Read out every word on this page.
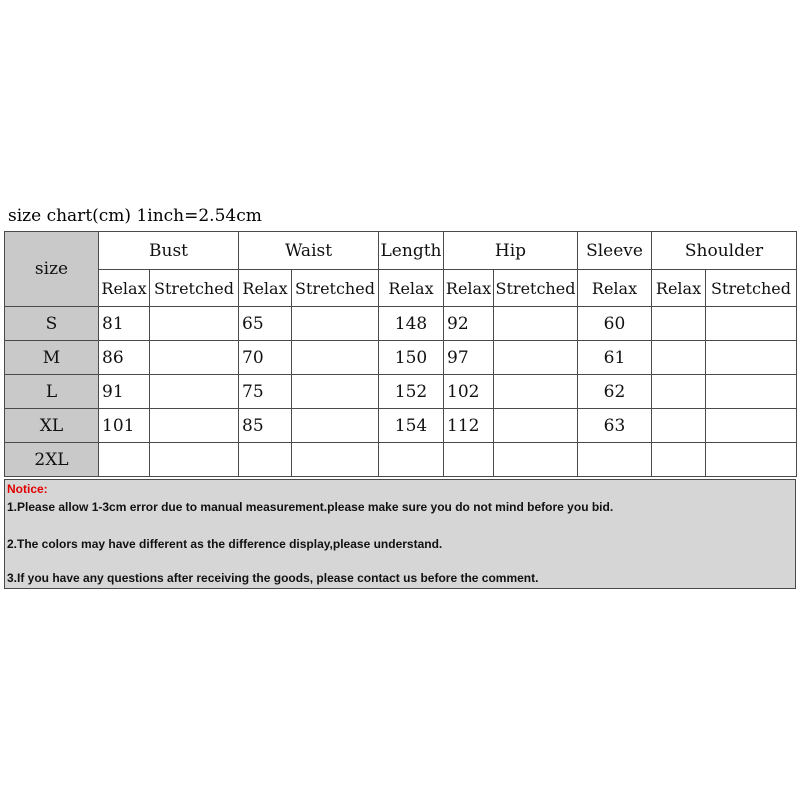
size chart(cm) 1inch=2.54cm
size	Bust		Waist		Length	Hip		Sleeve	Shoulder	
	Relax	Stretched	Relax	Stretched	Relax	Relax	Stretched	Relax	Relax	Stretched
S	81		65		148	92		60		
M	86		70		150	97		61		
L	91		75		152	102		62		
XL	101		85		154	112		63		
2XL										
Notice:
1.Please allow 1-3cm error due to manual measurement.please make sure you do not mind before you bid.
2.The colors may have different as the difference display,please understand.
3.If you have any questions after receiving the goods, please contact us before the comment.
